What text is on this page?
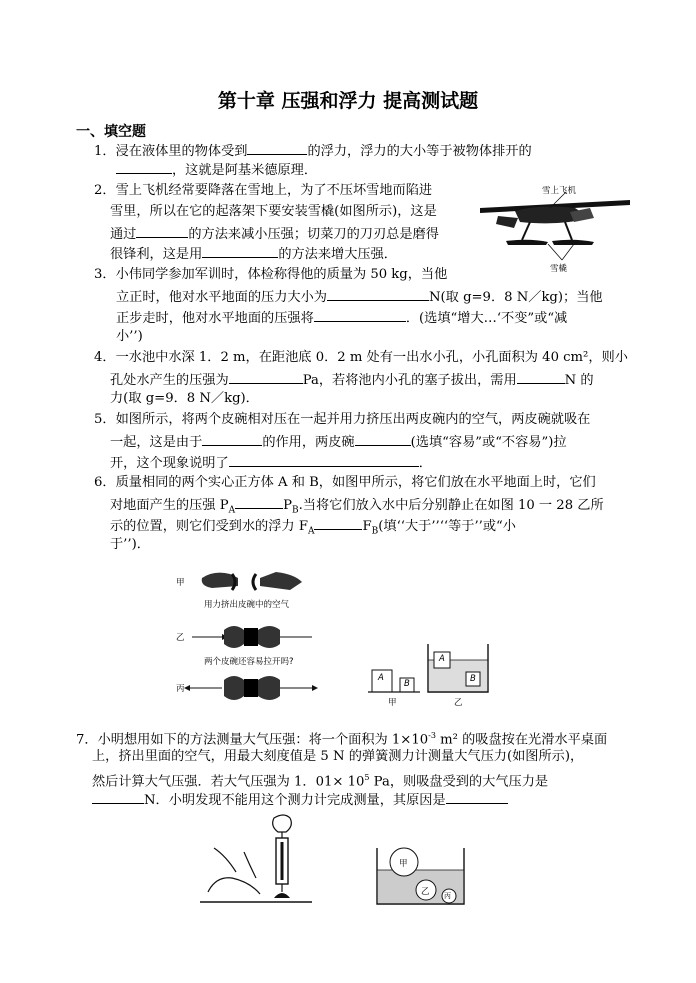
第十章 压强和浮力 提高测试题
一、填空题
1．浸在液体里的物体受到	的浮力，浮力的大小等于被物体排开的
，这就是阿基米德原理．
2．雪上飞机经常要降落在雪地上，为了不压坏雪地而陷进
雪里，所以在它的起落架下要安装雪橇(如图所示)，这是
通过	的方法来减小压强；切菜刀的刀刃总是磨得
很锋利，这是用	的方法来增大压强．
雪上飞机
雪橇
3．小伟同学参加军训时，体检称得他的质量为 50 kg，当他
立正时，他对水平地面的压力大小为	N(取 g=9．8 N／kg)；当他
正步走时，他对水平地面的压强将	．(选填“增大…‘不变”或“减
小’’)
4．一水池中水深 1．2 m，在距池底 0．2 m 处有一出水小孔，小孔面积为 40 cm²，则小
孔处水产生的压强为	Pa，若将池内小孔的塞子拔出，需用	N 的
力(取 g=9．8 N／kg)．
5．如图所示，将两个皮碗相对压在一起并用力挤压出两皮碗内的空气，两皮碗就吸在
一起，这是由于	的作用，两皮碗	(选填“容易”或“不容易”)拉
开，这个现象说明了	．
6．质量相同的两个实心正方体 A 和 B，如图甲所示，将它们放在水平地面上时，它们
对地面产生的压强 $P_A$	$P_B$.当将它们放入水中后分别静止在如图 10 一 28 乙所
示的位置，则它们受到水的浮力 $F_A$	$F_B$(填‘‘大于’’‘‘等于’’或“小
于’’)．
甲
用力挤出皮碗中的空气
乙
两个皮碗还容易拉开吗?
丙
A
B
A
B
甲	乙
7．小明想用如下的方法测量大气压强：将一个面积为 $1\times 10^{-3}$ m² 的吸盘按在光滑水平桌面
上，挤出里面的空气，用最大刻度值是 5 N 的弹簧测力计测量大气压力(如图所示)，
然后计算大气压强．若大气压强为 1．$01\times 10^5$ Pa，则吸盘受到的大气压力是
N．小明发现不能用这个测力计完成测量，其原因是
甲
乙 丙
